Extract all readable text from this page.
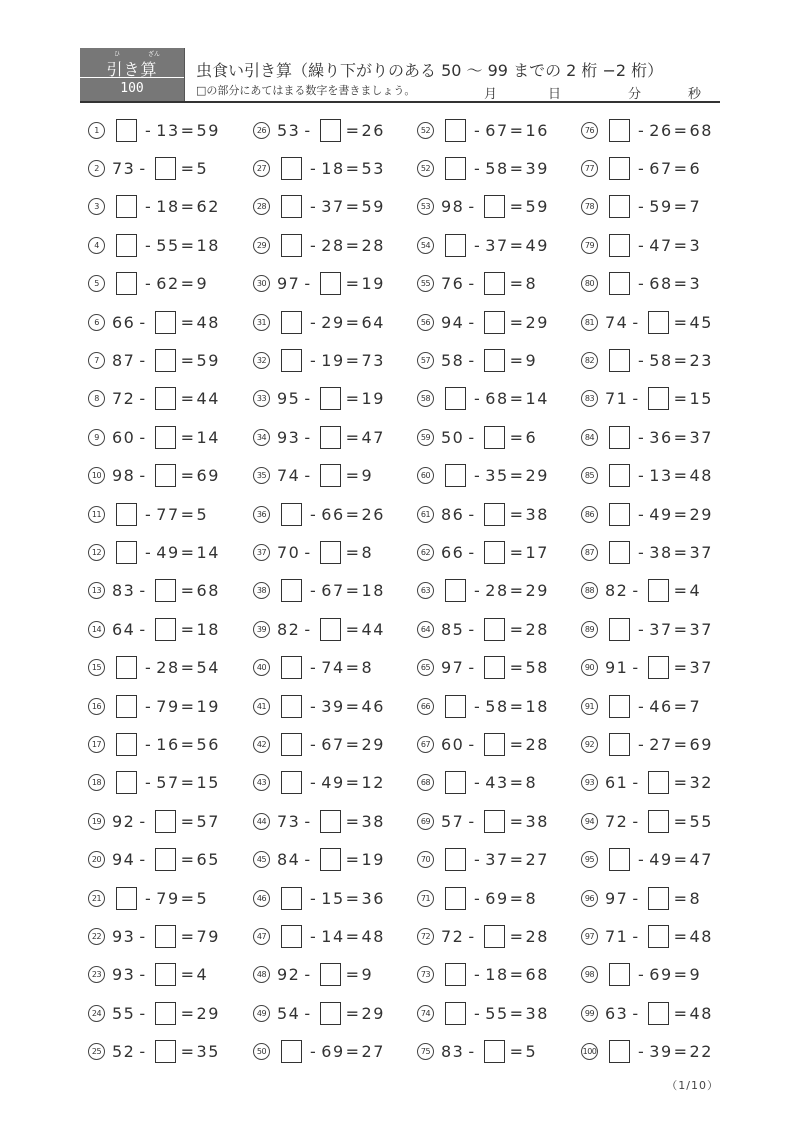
ひ	ざん
引き算
100
虫食い引き算（繰り下がりのある 50 〜 99 までの 2 桁 −2 桁）
□の部分にあてはまる数字を書きましょう。	月	日	分	秒
1	- 13 = 59
2 73 - = 5
3	- 18 = 62
4	- 55 = 18
5	- 62 = 9
6 66 - = 48
7 87 - = 59
8 72 - = 44
9 60 - = 14
10 98 - = 69
11	- 77 = 5
12	- 49 = 14
13 83 - = 68
14 64 - = 18
15	- 28 = 54
16	- 79 = 19
17	- 16 = 56
18	- 57 = 15
19 92 - = 57
20 94 - = 65
21	- 79 = 5
22 93 - = 79
23 93 - = 4
24 55 - = 29
25 52 - = 35
26 53 - = 26
27	- 18 = 53
28	- 37 = 59
29	- 28 = 28
30 97 - = 19
31	- 29 = 64
32	- 19 = 73
33 95 - = 19
34 93 - = 47
35 74 - = 9
36	- 66 = 26
37 70 - = 8
38	- 67 = 18
39 82 - = 44
40	- 74 = 8
41	- 39 = 46
42	- 67 = 29
43	- 49 = 12
44 73 - = 38
45 84 - = 19
46	- 15 = 36
47	- 14 = 48
48 92 - = 9
49 54 - = 29
50	- 69 = 27
52	- 67 = 16
52	- 58 = 39
53 98 - = 59
54	- 37 = 49
55 76 - = 8
56 94 - = 29
57 58 - = 9
58	- 68 = 14
59 50 - = 6
60	- 35 = 29
61 86 - = 38
62 66 - = 17
63	- 28 = 29
64 85 - = 28
65 97 - = 58
66	- 58 = 18
67 60 - = 28
68	- 43 = 8
69 57 - = 38
70	- 37 = 27
71	- 69 = 8
72 72 - = 28
73	- 18 = 68
74	- 55 = 38
75 83 - = 5
76	- 26 = 68
77	- 67 = 6
78	- 59 = 7
79	- 47 = 3
80	- 68 = 3
81 74 - = 45
82	- 58 = 23
83 71 - = 15
84	- 36 = 37
85	- 13 = 48
86	- 49 = 29
87	- 38 = 37
88 82 - = 4
89	- 37 = 37
90 91 - = 37
91	- 46 = 7
92	- 27 = 69
93 61 - = 32
94 72 - = 55
95	- 49 = 47
96 97 - = 8
97 71 - = 48
98	- 69 = 9
99 63 - = 48
100	- 39 = 22
（1/10）
